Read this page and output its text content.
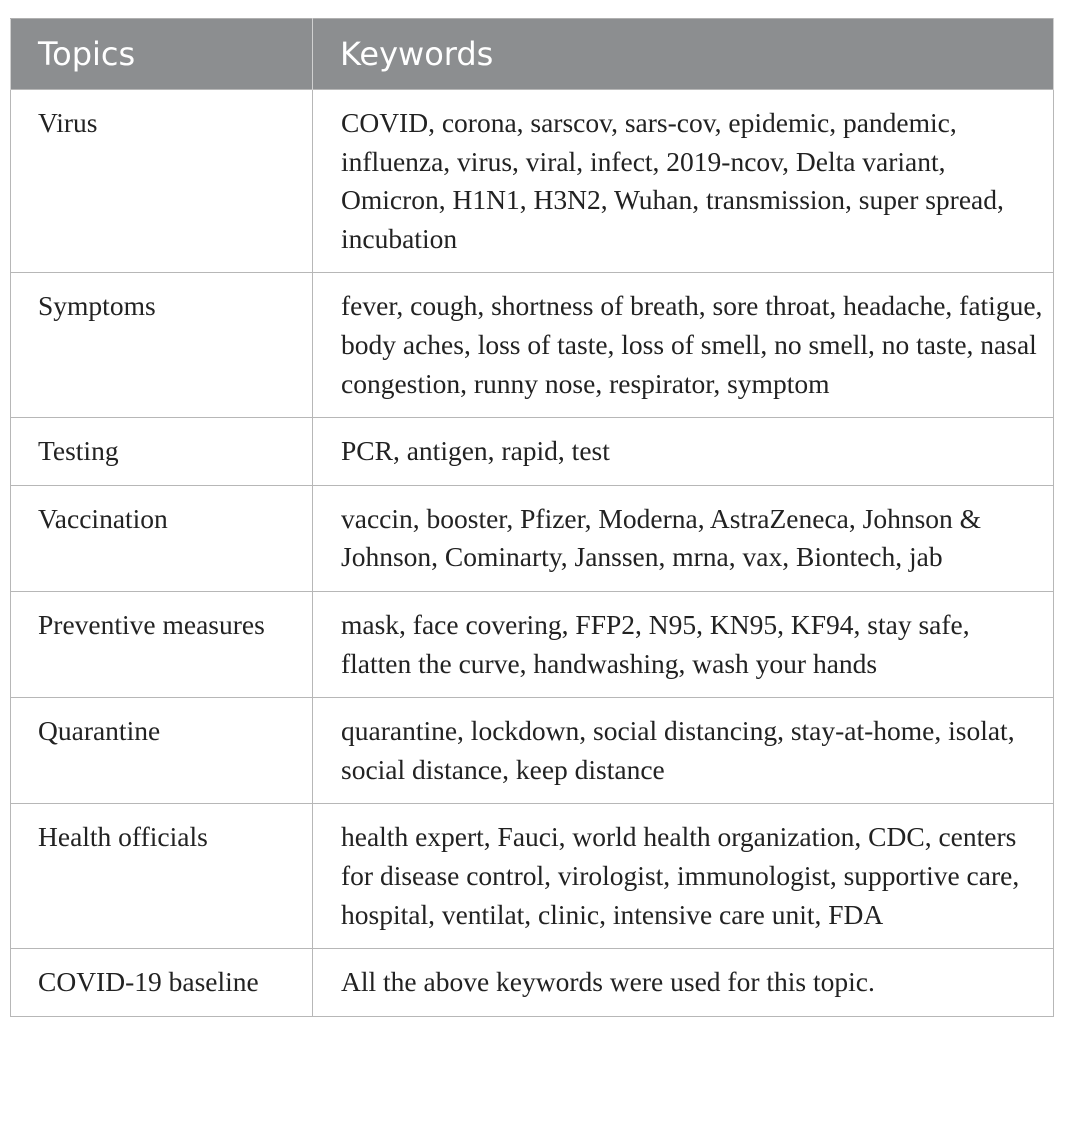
Topics	Keywords
Virus	COVID, corona, sarscov, sars-cov, epidemic, pandemic, influenza, virus, viral, infect, 2019-ncov, Delta variant, Omicron, H1N1, H3N2, Wuhan, transmission, super spread, incubation
Symptoms	fever, cough, shortness of breath, sore throat, headache, fatigue, body aches, loss of taste, loss of smell, no smell, no taste, nasal congestion, runny nose, respirator, symptom
Testing	PCR, antigen, rapid, test
Vaccination	vaccin, booster, Pfizer, Moderna, AstraZeneca, Johnson & Johnson, Cominarty, Janssen, mrna, vax, Biontech, jab
Preventive measures	mask, face covering, FFP2, N95, KN95, KF94, stay safe, flatten the curve, handwashing, wash your hands
Quarantine	quarantine, lockdown, social distancing, stay-at-home, isolat, social distance, keep distance
Health officials	health expert, Fauci, world health organization, CDC, centers for disease control, virologist, immunologist, supportive care, hospital, ventilat, clinic, intensive care unit, FDA
COVID-19 baseline	All the above keywords were used for this topic.
